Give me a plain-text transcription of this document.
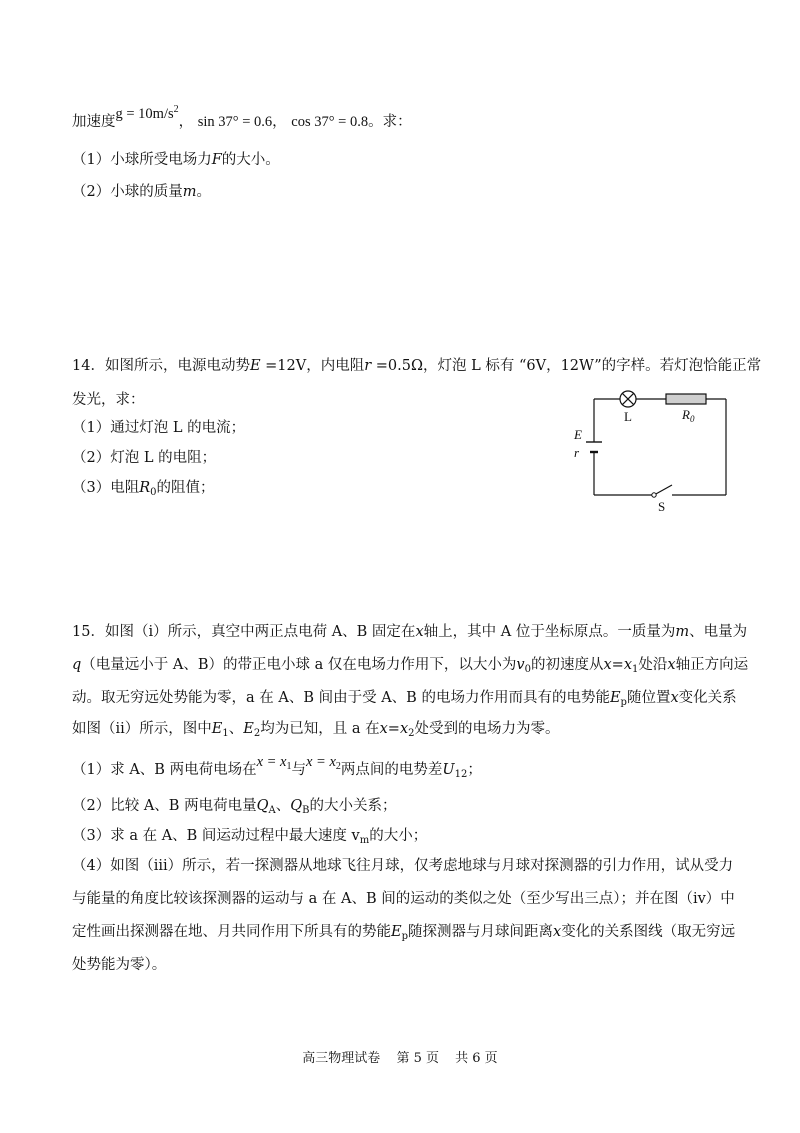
加速度$g = 10m/s^2$， sin 37° = 0.6， cos 37° = 0.8。求：
（1）小球所受电场力F的大小。
（2）小球的质量m。
14．如图所示，电源电动势E =12V，内电阻r =0.5Ω，灯泡 L 标有 “6V，12W”的字样。若灯泡恰能正常
发光，求：
（1）通过灯泡 L 的电流；
（2）灯泡 L 的电阻；
（3）电阻$R_0$的阻值；
L	$R_0$
E
r
S
15．如图（i）所示，真空中两正点电荷 A、B 固定在x轴上，其中 A 位于坐标原点。一质量为m、电量为
q（电量远小于 A、B）的带正电小球 a 仅在电场力作用下，以大小为$v_0$的初速度从$x=x_1$处沿x轴正方向运
动。取无穷远处势能为零，a 在 A、B 间由于受 A、B 的电场力作用而具有的电势能$E_p$随位置x变化关系
如图（ii）所示，图中$E_1$、$E_2$均为已知，且 a 在$x=x_2$处受到的电场力为零。
（1）求 A、B 两电荷电场在$x = x_1$与$x = x_2$两点间的电势差$U_{12}$；
（2）比较 A、B 两电荷电量$Q_A$、$Q_B$的大小关系；
（3）求 a 在 A、B 间运动过程中最大速度 $v_m$的大小；
（4）如图（iii）所示，若一探测器从地球飞往月球，仅考虑地球与月球对探测器的引力作用，试从受力
与能量的角度比较该探测器的运动与 a 在 A、B 间的运动的类似之处（至少写出三点）；并在图（iv）中
定性画出探测器在地、月共同作用下所具有的势能$E_p$随探测器与月球间距离x变化的关系图线（取无穷远
处势能为零）。
高三物理试卷 第 5 页 共 6 页
